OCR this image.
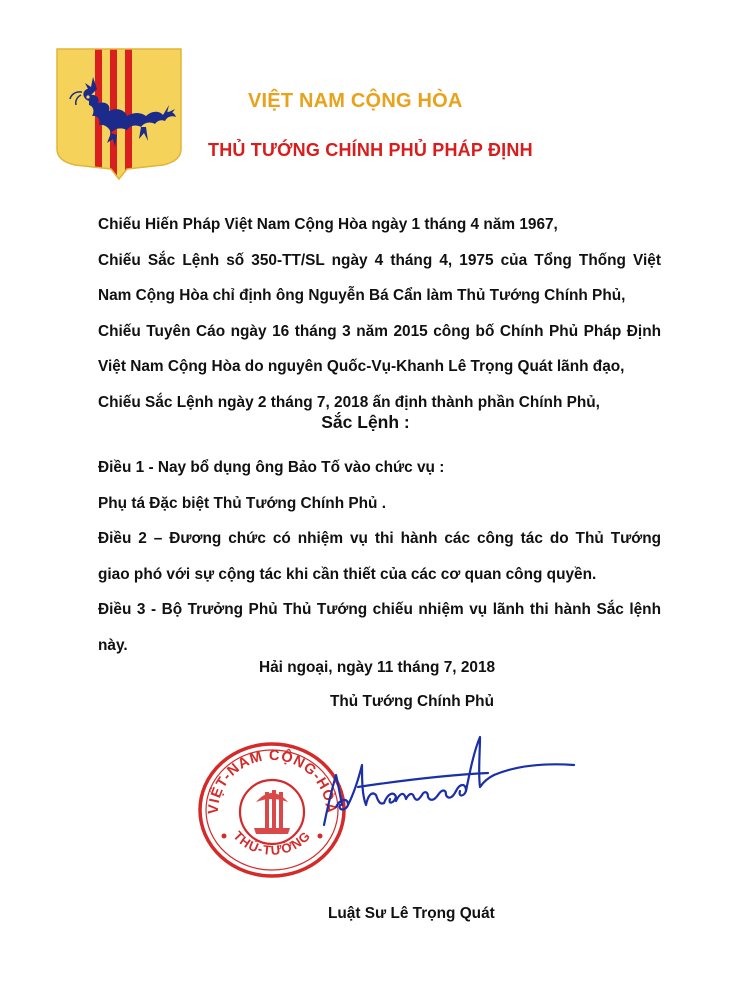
VIỆT NAM CỘNG HÒA
THỦ TƯỚNG CHÍNH PHỦ PHÁP ĐỊNH
Chiếu Hiến Pháp Việt Nam Cộng Hòa ngày 1 tháng 4 năm 1967,
Chiếu Sắc Lệnh số 350-TT/SL ngày 4 tháng 4, 1975 của Tổng Thống Việt
Nam Cộng Hòa chỉ định ông Nguyễn Bá Cẩn làm Thủ Tướng Chính Phủ,
Chiếu Tuyên Cáo ngày 16 tháng 3 năm 2015 công bố Chính Phủ Pháp Định
Việt Nam Cộng Hòa do nguyên Quốc-Vụ-Khanh Lê Trọng Quát lãnh đạo,
Chiếu Sắc Lệnh ngày 2 tháng 7, 2018 ấn định thành phần Chính Phủ,
Sắc Lệnh :
Điều 1 - Nay bổ dụng ông Bảo Tố vào chức vụ :
Phụ tá Đặc biệt Thủ Tướng Chính Phủ .
Điều 2 – Đương chức có nhiệm vụ thi hành các công tác do Thủ Tướng
giao phó với sự cộng tác khi cần thiết của các cơ quan công quyền.
Điều 3 - Bộ Trưởng Phủ Thủ Tướng chiếu nhiệm vụ lãnh thi hành Sắc lệnh
này.
Hải ngoại, ngày 11 tháng 7, 2018
Thủ Tướng Chính Phủ
VIỆT-NAM CỘNG-HÒA
THỦ-TƯỚNG
Luật Sư Lê Trọng Quát
